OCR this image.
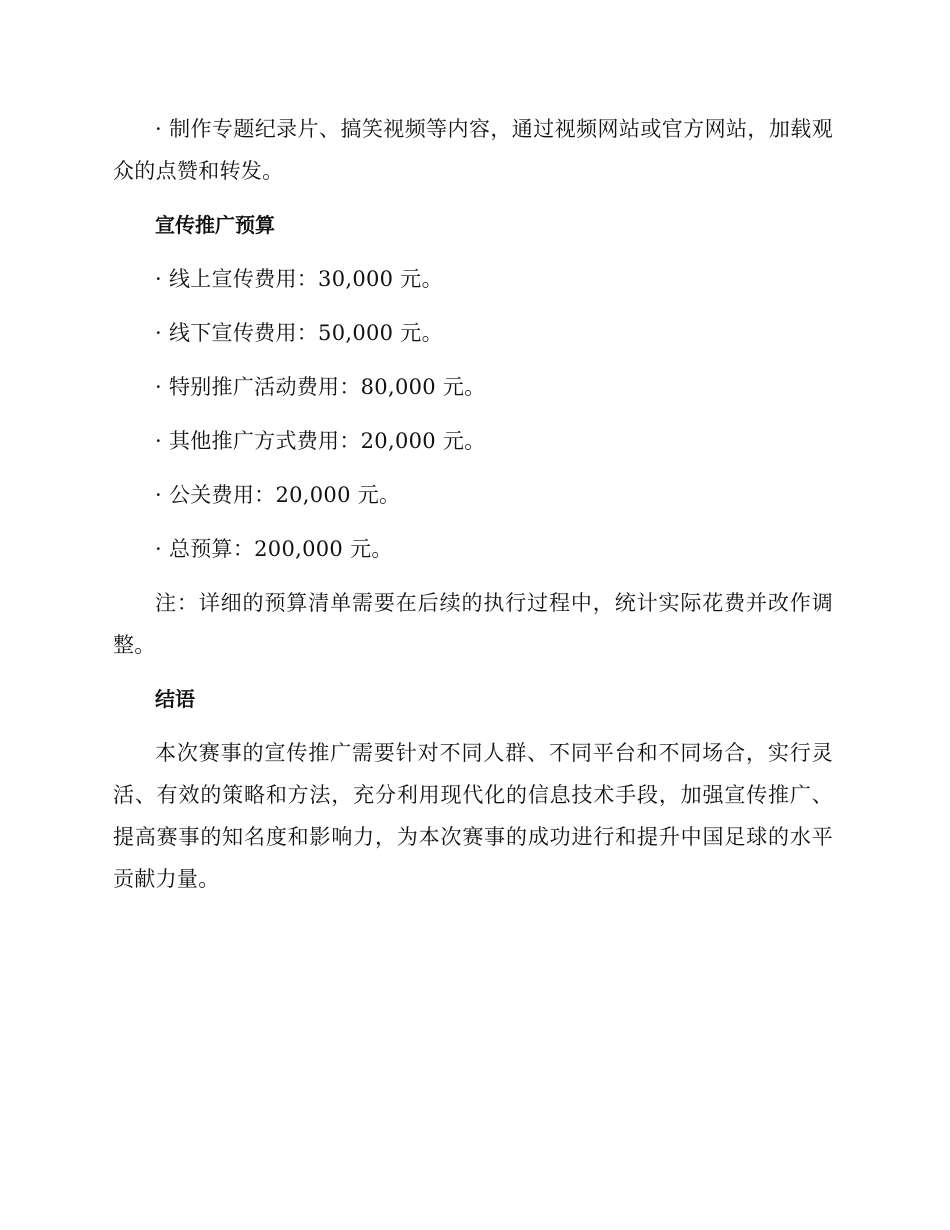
· 制作专题纪录片、搞笑视频等内容，通过视频网站或官方网站，加载观众的点赞和转发。

宣传推广预算

· 线上宣传费用：30,000 元。

· 线下宣传费用：50,000 元。

· 特别推广活动费用：80,000 元。

· 其他推广方式费用：20,000 元。

· 公关费用：20,000 元。

· 总预算：200,000 元。

注：详细的预算清单需要在后续的执行过程中，统计实际花费并改作调整。

结语

本次赛事的宣传推广需要针对不同人群、不同平台和不同场合，实行灵活、有效的策略和方法，充分利用现代化的信息技术手段，加强宣传推广、提高赛事的知名度和影响力，为本次赛事的成功进行和提升中国足球的水平贡献力量。
